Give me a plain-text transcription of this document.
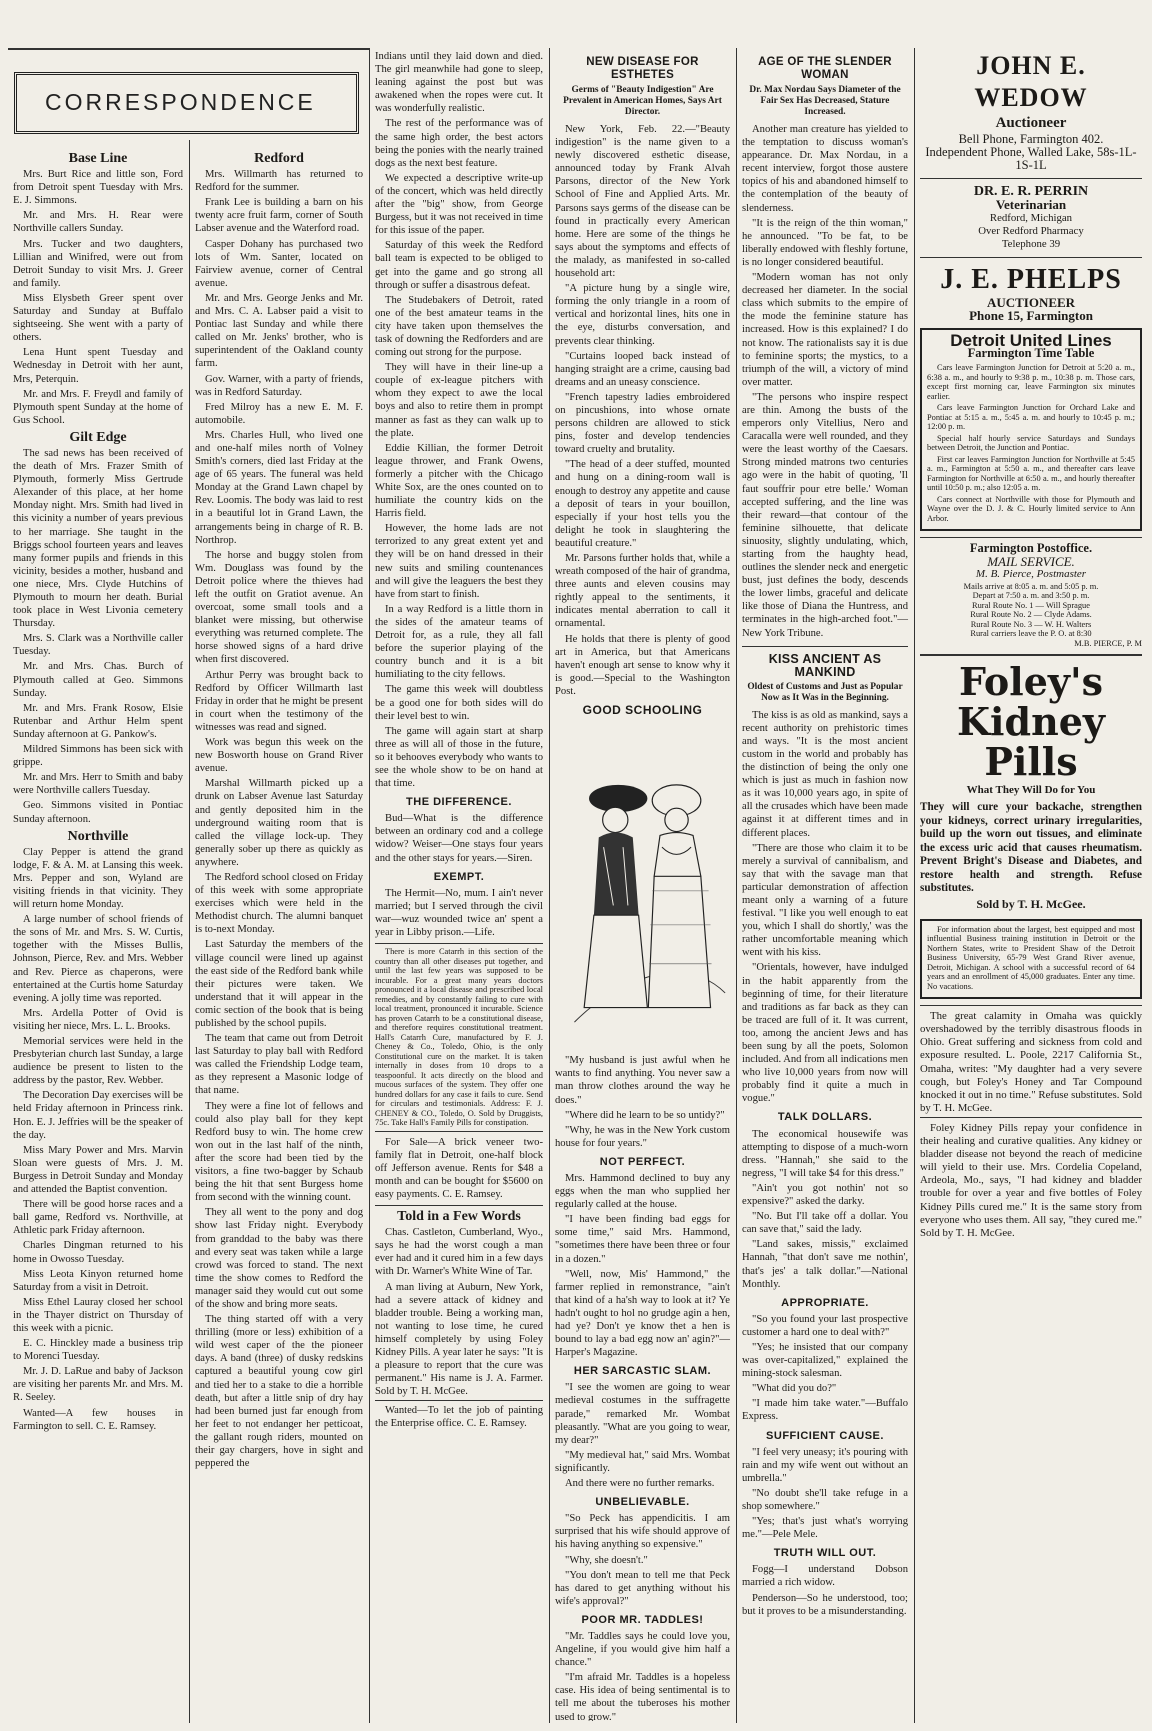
CORRESPONDENCE
Base Line

Mrs. Burt Rice and little son, Ford from Detroit spent Tuesday with Mrs. E. J. Simmons.

Mr. and Mrs. H. Rear were Northville callers Sunday.

Mrs. Tucker and two daughters, Lillian and Winifred, were out from Detroit Sunday to visit Mrs. J. Greer and family.

Miss Elysbeth Greer spent over Saturday and Sunday at Buffalo sightseeing. She went with a party of others.

Lena Hunt spent Tuesday and Wednesday in Detroit with her aunt, Mrs, Peterquin.

Mr. and Mrs. F. Freydl and family of Plymouth spent Sunday at the home of Gus School.

Gilt Edge

The sad news has been received of the death of Mrs. Frazer Smith of Plymouth, formerly Miss Gertrude Alexander of this place, at her home Monday night. Mrs. Smith had lived in this vicinity a number of years previous to her marriage. She taught in the Briggs school fourteen years and leaves many former pupils and friends in this vicinity, besides a mother, husband and one niece, Mrs. Clyde Hutchins of Plymouth to mourn her death. Burial took place in West Livonia cemetery Thursday.

Mrs. S. Clark was a Northville caller Tuesday.

Mr. and Mrs. Chas. Burch of Plymouth called at Geo. Simmons Sunday.

Mr. and Mrs. Frank Rosow, Elsie Rutenbar and Arthur Helm spent Sunday afternoon at G. Pankow's.

Mildred Simmons has been sick with grippe.

Mr. and Mrs. Herr to Smith and baby were Northville callers Tuesday.

Geo. Simmons visited in Pontiac Sunday afternoon.

Northville

Clay Pepper is attend the grand lodge, F. & A. M. at Lansing this week. Mrs. Pepper and son, Wyland are visiting friends in that vicinity. They will return home Monday.

A large number of school friends of the sons of Mr. and Mrs. S. W. Curtis, together with the Misses Bullis, Johnson, Pierce, Rev. and Mrs. Webber and Rev. Pierce as chaperons, were entertained at the Curtis home Saturday evening. A jolly time was reported.

Mrs. Ardella Potter of Ovid is visiting her niece, Mrs. L. L. Brooks.

Memorial services were held in the Presbyterian church last Sunday, a large audience be present to listen to the address by the pastor, Rev. Webber.

The Decoration Day exercises will be held Friday afternoon in Princess rink. Hon. E. J. Jeffries will be the speaker of the day.

Miss Mary Power and Mrs. Marvin Sloan were guests of Mrs. J. M. Burgess in Detroit Sunday and Monday and attended the Baptist convention.

There will be good horse races and a ball game, Redford vs. Northville, at Athletic park Friday afternoon.

Charles Dingman returned to his home in Owosso Tuesday.

Miss Leota Kinyon returned home Saturday from a visit in Detroit.

Miss Ethel Lauray closed her school in the Thayer district on Thursday of this week with a picnic.

E. C. Hinckley made a business trip to Morenci Tuesday.

Mr. J. D. LaRue and baby of Jackson are visiting her parents Mr. and Mrs. M. R. Seeley.

Wanted—A few houses in Farmington to sell. C. E. Ramsey.

Redford

Mrs. Willmarth has returned to Redford for the summer.

Frank Lee is building a barn on his twenty acre fruit farm, corner of South Labser avenue and the Waterford road.

Casper Dohany has purchased two lots of Wm. Santer, located on Fairview avenue, corner of Central avenue.

Mr. and Mrs. George Jenks and Mr. and Mrs. C. A. Labser paid a visit to Pontiac last Sunday and while there called on Mr. Jenks' brother, who is superintendent of the Oakland county farm.

Gov. Warner, with a party of friends, was in Redford Saturday.

Fred Milroy has a new E. M. F. automobile.

Mrs. Charles Hull, who lived one and one-half miles north of Volney Smith's corners, died last Friday at the age of 65 years. The funeral was held Monday at the Grand Lawn chapel by Rev. Loomis. The body was laid to rest in a beautiful lot in Grand Lawn, the arrangements being in charge of R. B. Northrop.

The horse and buggy stolen from Wm. Douglass was found by the Detroit police where the thieves had left the outfit on Gratiot avenue. An overcoat, some small tools and a blanket were missing, but otherwise everything was returned complete. The horse showed signs of a hard drive when first discovered.

Arthur Perry was brought back to Redford by Officer Willmarth last Friday in order that he might be present in court when the testimony of the witnesses was read and signed.

Work was begun this week on the new Bosworth house on Grand River avenue.

Marshal Willmarth picked up a drunk on Labser Avenue last Saturday and gently deposited him in the underground waiting room that is called the village lock-up. They generally sober up there as quickly as anywhere.

The Redford school closed on Friday of this week with some appropriate exercises which were held in the Methodist church. The alumni banquet is to-next Monday.

Last Saturday the members of the village council were lined up against the east side of the Redford bank while their pictures were taken. We understand that it will appear in the comic section of the book that is being published by the school pupils.

The team that came out from Detroit last Saturday to play ball with Redford was called the Friendship Lodge team, as they represent a Masonic lodge of that name.

They were a fine lot of fellows and could also play ball for they kept Redford busy to win. The home crew won out in the last half of the ninth, after the score had been tied by the visitors, a fine two-bagger by Schaub being the hit that sent Burgess home from second with the winning count.

They all went to the pony and dog show last Friday night. Everybody from granddad to the baby was there and every seat was taken while a large crowd was forced to stand. The next time the show comes to Redford the manager said they would cut out some of the show and bring more seats.

The thing started off with a very thrilling (more or less) exhibition of a wild west caper of the the pioneer days. A band (three) of dusky redskins captured a beautiful young cow girl and tied her to a stake to die a horrible death, but after a little snip of dry hay had been burned just far enough from her feet to not endanger her petticoat, the gallant rough riders, mounted on their gay chargers, hove in sight and peppered the

Indians until they laid down and died. The girl meanwhile had gone to sleep, leaning against the post but was awakened when the ropes were cut. It was wonderfully realistic.

The rest of the performance was of the same high order, the best actors being the ponies with the nearly trained dogs as the next best feature.

We expected a descriptive write-up of the concert, which was held directly after the "big" show, from George Burgess, but it was not received in time for this issue of the paper.

Saturday of this week the Redford ball team is expected to be obliged to get into the game and go strong all through or suffer a disastrous defeat.

The Studebakers of Detroit, rated one of the best amateur teams in the city have taken upon themselves the task of downing the Redforders and are coming out strong for the purpose.

They will have in their line-up a couple of ex-league pitchers with whom they expect to awe the local boys and also to retire them in prompt manner as fast as they can walk up to the plate.

Eddie Killian, the former Detroit league thrower, and Frank Owens, formerly a pitcher with the Chicago White Sox, are the ones counted on to humiliate the country kids on the Harris field.

However, the home lads are not terrorized to any great extent yet and they will be on hand dressed in their new suits and smiling countenances and will give the leaguers the best they have from start to finish.

In a way Redford is a little thorn in the sides of the amateur teams of Detroit for, as a rule, they all fall before the superior playing of the country bunch and it is a bit humiliating to the city fellows.

The game this week will doubtless be a good one for both sides will do their level best to win.

The game will again start at sharp three as will all of those in the future, so it behooves everybody who wants to see the whole show to be on hand at that time.

THE DIFFERENCE.

Bud—What is the difference between an ordinary cod and a college widow? Weiser—One stays four years and the other stays for years.—Siren.

EXEMPT.

The Hermit—No, mum. I ain't never married; but I served through the civil war—wuz wounded twice an' spent a year in Libby prison.—Life.

There is more Catarrh in this section of the country than all other diseases put together, and until the last few years was supposed to be incurable. For a great many years doctors pronounced it a local disease and prescribed local remedies, and by constantly failing to cure with local treatment, pronounced it incurable. Science has proven Catarrh to be a constitutional disease, and therefore requires constitutional treatment. Hall's Catarrh Cure, manufactured by F. J. Cheney & Co., Toledo, Ohio, is the only Constitutional cure on the market. It is taken internally in doses from 10 drops to a teaspoonful. It acts directly on the blood and mucous surfaces of the system. They offer one hundred dollars for any case it fails to cure. Send for circulars and testimonials. Address: F. J. CHENEY & CO., Toledo, O. Sold by Druggists, 75c. Take Hall's Family Pills for constipation.

For Sale—A brick veneer two-family flat in Detroit, one-half block off Jefferson avenue. Rents for $48 a month and can be bought for $5600 on easy payments. C. E. Ramsey.

Told in a Few Words

Chas. Castleton, Cumberland, Wyo., says he had the worst cough a man ever had and it cured him in a few days with Dr. Warner's White Wine of Tar.

A man living at Auburn, New York, had a severe attack of kidney and bladder trouble. Being a working man, not wanting to lose time, he cured himself completely by using Foley Kidney Pills. A year later he says: "It is a pleasure to report that the cure was permanent." His name is J. A. Farmer. Sold by T. H. McGee.

Wanted—To let the job of painting the Enterprise office. C. E. Ramsey.

NEW DISEASE FOR ESTHETES
Germs of "Beauty Indigestion" Are Prevalent in American Homes, Says Art Director.

New York, Feb. 22.—"Beauty indigestion" is the name given to a newly discovered esthetic disease, announced today by Frank Alvah Parsons, director of the New York School of Fine and Applied Arts. Mr. Parsons says germs of the disease can be found in practically every American home. Here are some of the things he says about the symptoms and effects of the malady, as manifested in so-called household art:

"A picture hung by a single wire, forming the only triangle in a room of vertical and horizontal lines, hits one in the eye, disturbs conversation, and prevents clear thinking.

"Curtains looped back instead of hanging straight are a crime, causing bad dreams and an uneasy conscience.

"French tapestry ladies embroidered on pincushions, into whose ornate persons children are allowed to stick pins, foster and develop tendencies toward cruelty and brutality.

"The head of a deer stuffed, mounted and hung on a dining-room wall is enough to destroy any appetite and cause a deposit of tears in your bouillon, especially if your host tells you the delight he took in slaughtering the beautiful creature."

Mr. Parsons further holds that, while a wreath composed of the hair of grandma, three aunts and eleven cousins may rightly appeal to the sentiments, it indicates mental aberration to call it ornamental.

He holds that there is plenty of good art in America, but that Americans haven't enough art sense to know why it is good.—Special to the Washington Post.

GOOD SCHOOLING

"My husband is just awful when he wants to find anything. You never saw a man throw clothes around the way he does."

"Where did he learn to be so untidy?"

"Why, he was in the New York custom house for four years."

NOT PERFECT.

Mrs. Hammond declined to buy any eggs when the man who supplied her regularly called at the house.

"I have been finding bad eggs for some time," said Mrs. Hammond, "sometimes there have been three or four in a dozen."

"Well, now, Mis' Hammond," the farmer replied in remonstrance, "ain't that kind of a ha'sh way to look at it? Ye hadn't ought to hol no grudge agin a hen, had ye? Don't ye know thet a hen is bound to lay a bad egg now an' agin?"—Harper's Magazine.

HER SARCASTIC SLAM.

"I see the women are going to wear medieval costumes in the suffragette parade," remarked Mr. Wombat pleasantly. "What are you going to wear, my dear?"

"My medieval hat," said Mrs. Wombat significantly.

And there were no further remarks.

UNBELIEVABLE.

"So Peck has appendicitis. I am surprised that his wife should approve of his having anything so expensive."

"Why, she doesn't."

"You don't mean to tell me that Peck has dared to get anything without his wife's approval?"

POOR MR. TADDLES!

"Mr. Taddles says he could love you, Angeline, if you would give him half a chance."

"I'm afraid Mr. Taddles is a hopeless case. His idea of being sentimental is to tell me about the tuberoses his mother used to grow."

AGE OF THE SLENDER WOMAN
Dr. Max Nordau Says Diameter of the Fair Sex Has Decreased, Stature Increased.

Another man creature has yielded to the temptation to discuss woman's appearance. Dr. Max Nordau, in a recent interview, forgot those austere topics of his and abandoned himself to the contemplation of the beauty of slenderness.

"It is the reign of the thin woman," he announced. "To be fat, to be liberally endowed with fleshly fortune, is no longer considered beautiful.

"Modern woman has not only decreased her diameter. In the social class which submits to the empire of the mode the feminine stature has increased. How is this explained? I do not know. The rationalists say it is due to feminine sports; the mystics, to a triumph of the will, a victory of mind over matter.

"The persons who inspire respect are thin. Among the busts of the emperors only Vitellius, Nero and Caracalla were well rounded, and they were the least worthy of the Caesars. Strong minded matrons two centuries ago were in the habit of quoting, 'Il faut souffrir pour etre belle.' Woman accepted suffering, and the line was their reward—that contour of the feminine silhouette, that delicate sinuosity, slightly undulating, which, starting from the haughty head, outlines the slender neck and energetic bust, just defines the body, descends the lower limbs, graceful and delicate like those of Diana the Huntress, and terminates in the high-arched foot."—New York Tribune.

KISS ANCIENT AS MANKIND
Oldest of Customs and Just as Popular Now as It Was in the Beginning.

The kiss is as old as mankind, says a recent authority on prehistoric times and ways. "It is the most ancient custom in the world and probably has the distinction of being the only one which is just as much in fashion now as it was 10,000 years ago, in spite of all the crusades which have been made against it at different times and in different places.

"There are those who claim it to be merely a survival of cannibalism, and say that with the savage man that particular demonstration of affection meant only a warning of a future festival. "I like you well enough to eat you, which I shall do shortly,' was the rather uncomfortable meaning which went with his kiss.

"Orientals, however, have indulged in the habit apparently from the beginning of time, for their literature and traditions as far back as they can be traced are full of it. It was current, too, among the ancient Jews and has been sung by all the poets, Solomon included. And from all indications men who live 10,000 years from now will probably find it quite a much in vogue."

TALK DOLLARS.

The economical housewife was attempting to dispose of a much-worn dress. "Hannah," she said to the negress, "I will take $4 for this dress."

"Ain't you got nothin' not so expensive?" asked the darky.

"No. But I'll take off a dollar. You can save that," said the lady.

"Land sakes, missis," exclaimed Hannah, "that don't save me nothin', that's jes' a talk dollar."—National Monthly.

APPROPRIATE.

"So you found your last prospective customer a hard one to deal with?"

"Yes; he insisted that our company was over-capitalized," explained the mining-stock salesman.

"What did you do?"

"I made him take water."—Buffalo Express.

SUFFICIENT CAUSE.

"I feel very uneasy; it's pouring with rain and my wife went out without an umbrella."

"No doubt she'll take refuge in a shop somewhere."

"Yes; that's just what's worrying me."—Pele Mele.

TRUTH WILL OUT.

Fogg—I understand Dobson married a rich widow.

Penderson—So he understood, too; but it proves to be a misunderstanding.

JOHN E. WEDOW
Auctioneer
Bell Phone, Farmington 402.
Independent Phone, Walled Lake, 58s-1L-1S-1L
DR. E. R. PERRIN
Veterinarian
Redford, Michigan
Over Redford Pharmacy
Telephone 39
J. E. PHELPS
AUCTIONEER
Phone 15, Farmington
Detroit United Lines
Farmington Time Table

Cars leave Farmington Junction for Detroit at 5:20 a. m., 6:38 a. m., and hourly to 9:38 p. m., 10:38 p. m. Those cars, except first morning car, leave Farmington six minutes earlier.

Cars leave Farmington Junction for Orchard Lake and Pontiac at 5:15 a. m., 5:45 a. m. and hourly to 10:45 p. m.; 12:00 p. m.

Special half hourly service Saturdays and Sundays between Detroit, the Junction and Pontiac.

First car leaves Farmington Junction for Northville at 5:45 a. m., Farmington at 5:50 a. m., and thereafter cars leave Farmington for Northville at 6:50 a. m., and hourly thereafter until 10:50 p. m.; also 12:05 a. m.

Cars connect at Northville with those for Plymouth and Wayne over the D. J. & C. Hourly limited service to Ann Arbor.

Farmington Postoffice.
MAIL SERVICE.
M. B. Pierce, Postmaster
Mails arrive at 8:05 a. m. and 5:05 p. m.
Depart at 7:50 a. m. and 3:50 p. m.
Rural Route No. 1 — Will Sprague
Rural Route No. 2 — Clyde Adams.
Rural Route No. 3 — W. H. Walters
Rural carriers leave the P. O. at 8:30
M.B. PIERCE, P. M
Foley's
Kidney
Pills
What They Will Do for You

They will cure your backache, strengthen your kidneys, correct urinary irregularities, build up the worn out tissues, and eliminate the excess uric acid that causes rheumatism. Prevent Bright's Disease and Diabetes, and restore health and strength. Refuse substitutes.

Sold by T. H. McGee.

For information about the largest, best equipped and most influential Business training institution in Detroit or the Northern States, write to President Shaw of the Detroit Business University, 65-79 West Grand River avenue, Detroit, Michigan. A school with a successful record of 64 years and an enrollment of 45,000 graduates. Enter any time. No vacations.

The great calamity in Omaha was quickly overshadowed by the terribly disastrous floods in Ohio. Great suffering and sickness from cold and exposure resulted. L. Poole, 2217 California St., Omaha, writes: "My daughter had a very severe cough, but Foley's Honey and Tar Compound knocked it out in no time." Refuse substitutes. Sold by T. H. McGee.

Foley Kidney Pills repay your confidence in their healing and curative qualities. Any kidney or bladder disease not beyond the reach of medicine will yield to their use. Mrs. Cordelia Copeland, Ardeola, Mo., says, "I had kidney and bladder trouble for over a year and five bottles of Foley Kidney Pills cured me." It is the same story from everyone who uses them. All say, "they cured me." Sold by T. H. McGee.
